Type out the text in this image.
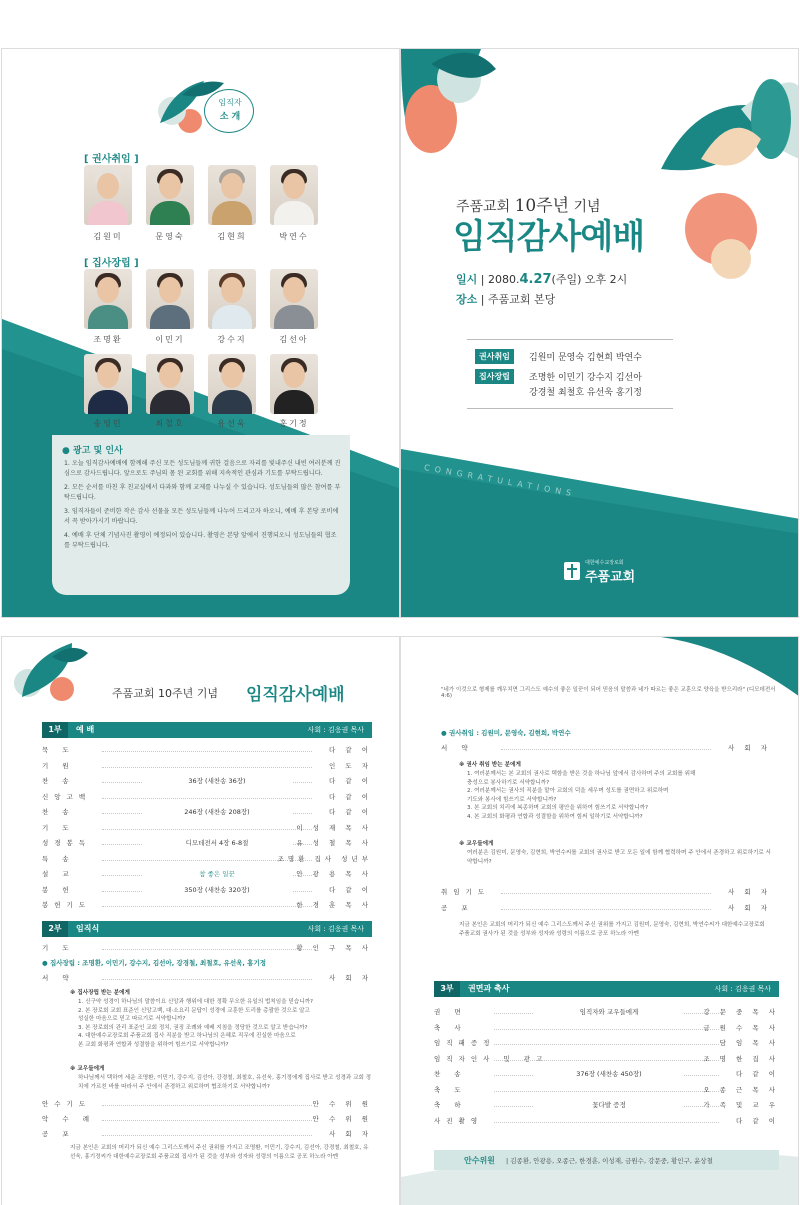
임직자
소 개
[ 권사취임 ]
김원미	문영숙	김현희	박연수
[ 집사장립 ]
조명환	이민기	강수지	김선아
송영민	최철호	유선욱	홍기정
● 광고 및 인사
1. 오늘 임직감사예배에 함께해 주신 모든 성도님들께 귀한 걸음으로 자리를 빛내주신 내빈 여러분께 진심으로 감사드립니다. 앞으로도 주님의 몸 된 교회를 위해 지속적인 관심과 기도를 부탁드립니다.
2. 모든 순서를 마친 후 친교실에서 다과와 함께 교제를 나누실 수 있습니다. 성도님들의 많은 참여를 부탁드립니다.
3. 임직자들이 준비한 작은 감사 선물을 모든 성도님들께 나누어 드리고자 하오니, 예배 후 본당 로비에서 꼭 받아가시기 바랍니다.
4. 예배 후 단체 기념사진 촬영이 예정되어 있습니다. 촬영은 본당 앞에서 진행되오니 성도님들의 협조를 부탁드립니다.
주품교회 10주년 기념
임직감사예배
일시 | 2080.4.27(주일) 오후 2시
장소 | 주품교회 본당
권사취임	김원미 문영숙 김현희 박연수
집사장립	조명한 이민기 강수지 김선아
강경철 최철호 유선욱 홍기정
CONGRATULATIONS
대한예수교장로회
주품교회
주품교회 10주년 기념 임직감사예배
1부	예 배	사회 : 김응권 목사
묵 도	다 같 이
기 원	인 도 자
찬 송	36장 (새찬송 36장)	다 같 이
신앙고백	다 같 이
찬 송	246장 (새찬송 208장)	다 같 이
기 도	이 성 재 목 사
성경봉독	디모데전서 4장 6-8절	유 성 철 목 사
특 송	조명환 집사 성년부
설 교	참 좋은 일꾼	안 광 용 목 사
봉 헌	350장 (새찬송 320장)	다 같 이
봉헌기도	한 경 훈 목 사
2부	임직식	사회 : 김응권 목사
기 도	황 인 구 목 사
● 집사장립 : 조명환, 이민기, 강수지, 김선아, 강경철, 최철호, 유선욱, 홍기정
서 약	사 회 자
※ 집사장립 받는 분에게
1. 신구약 성경이 하나님의 말씀이요 신앙과 행위에 대한 정확 무오한 유일의 법칙임을 믿습니까?
2. 본 장로회 교회 표준인 신앙고백, 대·소요리 문답이 성경에 교훈한 도리를 총괄한 것으로 알고
성실한 마음으로 믿고 따르기로 서약합니까?
3. 본 장로회의 관리 표준인 교회 정치, 권징 조례와 예배 지침을 정당한 것으로 알고 받습니까?
4. 대한예수교장로회 주품교회 집사 직분을 받고 하나님의 은혜로 직무에 진실한 마음으로
본 교회 화평과 연합과 성결함을 위하여 힘쓰기로 서약합니까?
※ 교우들에게
하나님께서 택하여 세운 조명환, 이민기, 강수지, 김선아, 강경철, 최철호, 유선욱, 홍기정에게 집사로 받고 성경과 교회 정치에 가르친 바를 따라서 주 안에서 존경하고 위로하며 협조하기로 서약합니까?
안수기도	안 수 위 원
악 수 례	안 수 위 원
공 포	사 회 자
지금 본인은 교회의 머리가 되신 예수 그리스도께서 주신 권위를 가지고 조명환, 이민기, 강수지, 김선아, 강경철, 최철호, 유선욱, 홍기정씨가 대한예수교장로회 주품교회 집사가 된 것을 성부와 성자와 성령의 이름으로 공포 하노라 아멘
"네가 이것으로 형제를 깨우치면 그리스도 예수의 좋은 일꾼이 되어 믿음의 말씀과 네가 따르는 좋은 교훈으로 양육을 받으리라" (디모데전서 4:6)
● 권사취임 : 김원미, 문영숙, 김현희, 박연수
서 약	사 회 자
※ 권사 취임 받는 분에게
1. 여러분께서는 본 교회의 권사로 택함을 받은 것을 하나님 앞에서 감사하며 주의 교회를 위해
충성으로 봉사하기로 서약합니까?
2. 여러분께서는 권사의 직분을 맡아 교회의 덕을 세우며 성도를 권면하고 위로하며
기도와 봉사에 힘쓰기로 서약합니까?
3. 본 교회의 치리에 복종하며 교회의 평안을 위하여 힘쓰기로 서약합니까?
4. 본 교회의 화평과 연합과 성결함을 위하여 힘써 일하기로 서약합니까?
※ 교우들에게
여러분은 김원미, 문영숙, 김현희, 박연수씨를 교회의 권사로 받고 모든 일에 함께 협력하며 주 안에서 존경하고 위로하기로 서약합니까?
취임기도	사 회 자
공 포	사 회 자
지금 본인은 교회의 머리가 되신 예수 그리스도께서 주신 권위를 가지고 김원미, 문영숙, 김현희, 박연수씨가 대한예수교장로회 주품교회 권사가 된 것을 성부와 성자와 성령의 이름으로 공포 하노라 아멘
3부	권면과 축사	사회 : 김응권 목사
권 면	임직자와 교우들에게	강 문 중 목 사
축 사	금 원 수 목 사
임직패증정	담 임 목 사
임직자인사 및 광고	조 명 한 집 사
찬 송	376장 (새찬송 450장)	다 같 이
축 도	오 종 근 목 사
축 하	꽃다발 증정	가 족 및 교 우
사진촬영	다 같 이
안수위원 | 김종환, 안광용, 오종근, 한경훈, 이성재, 금원수, 강문중, 황인구, 윤상철
